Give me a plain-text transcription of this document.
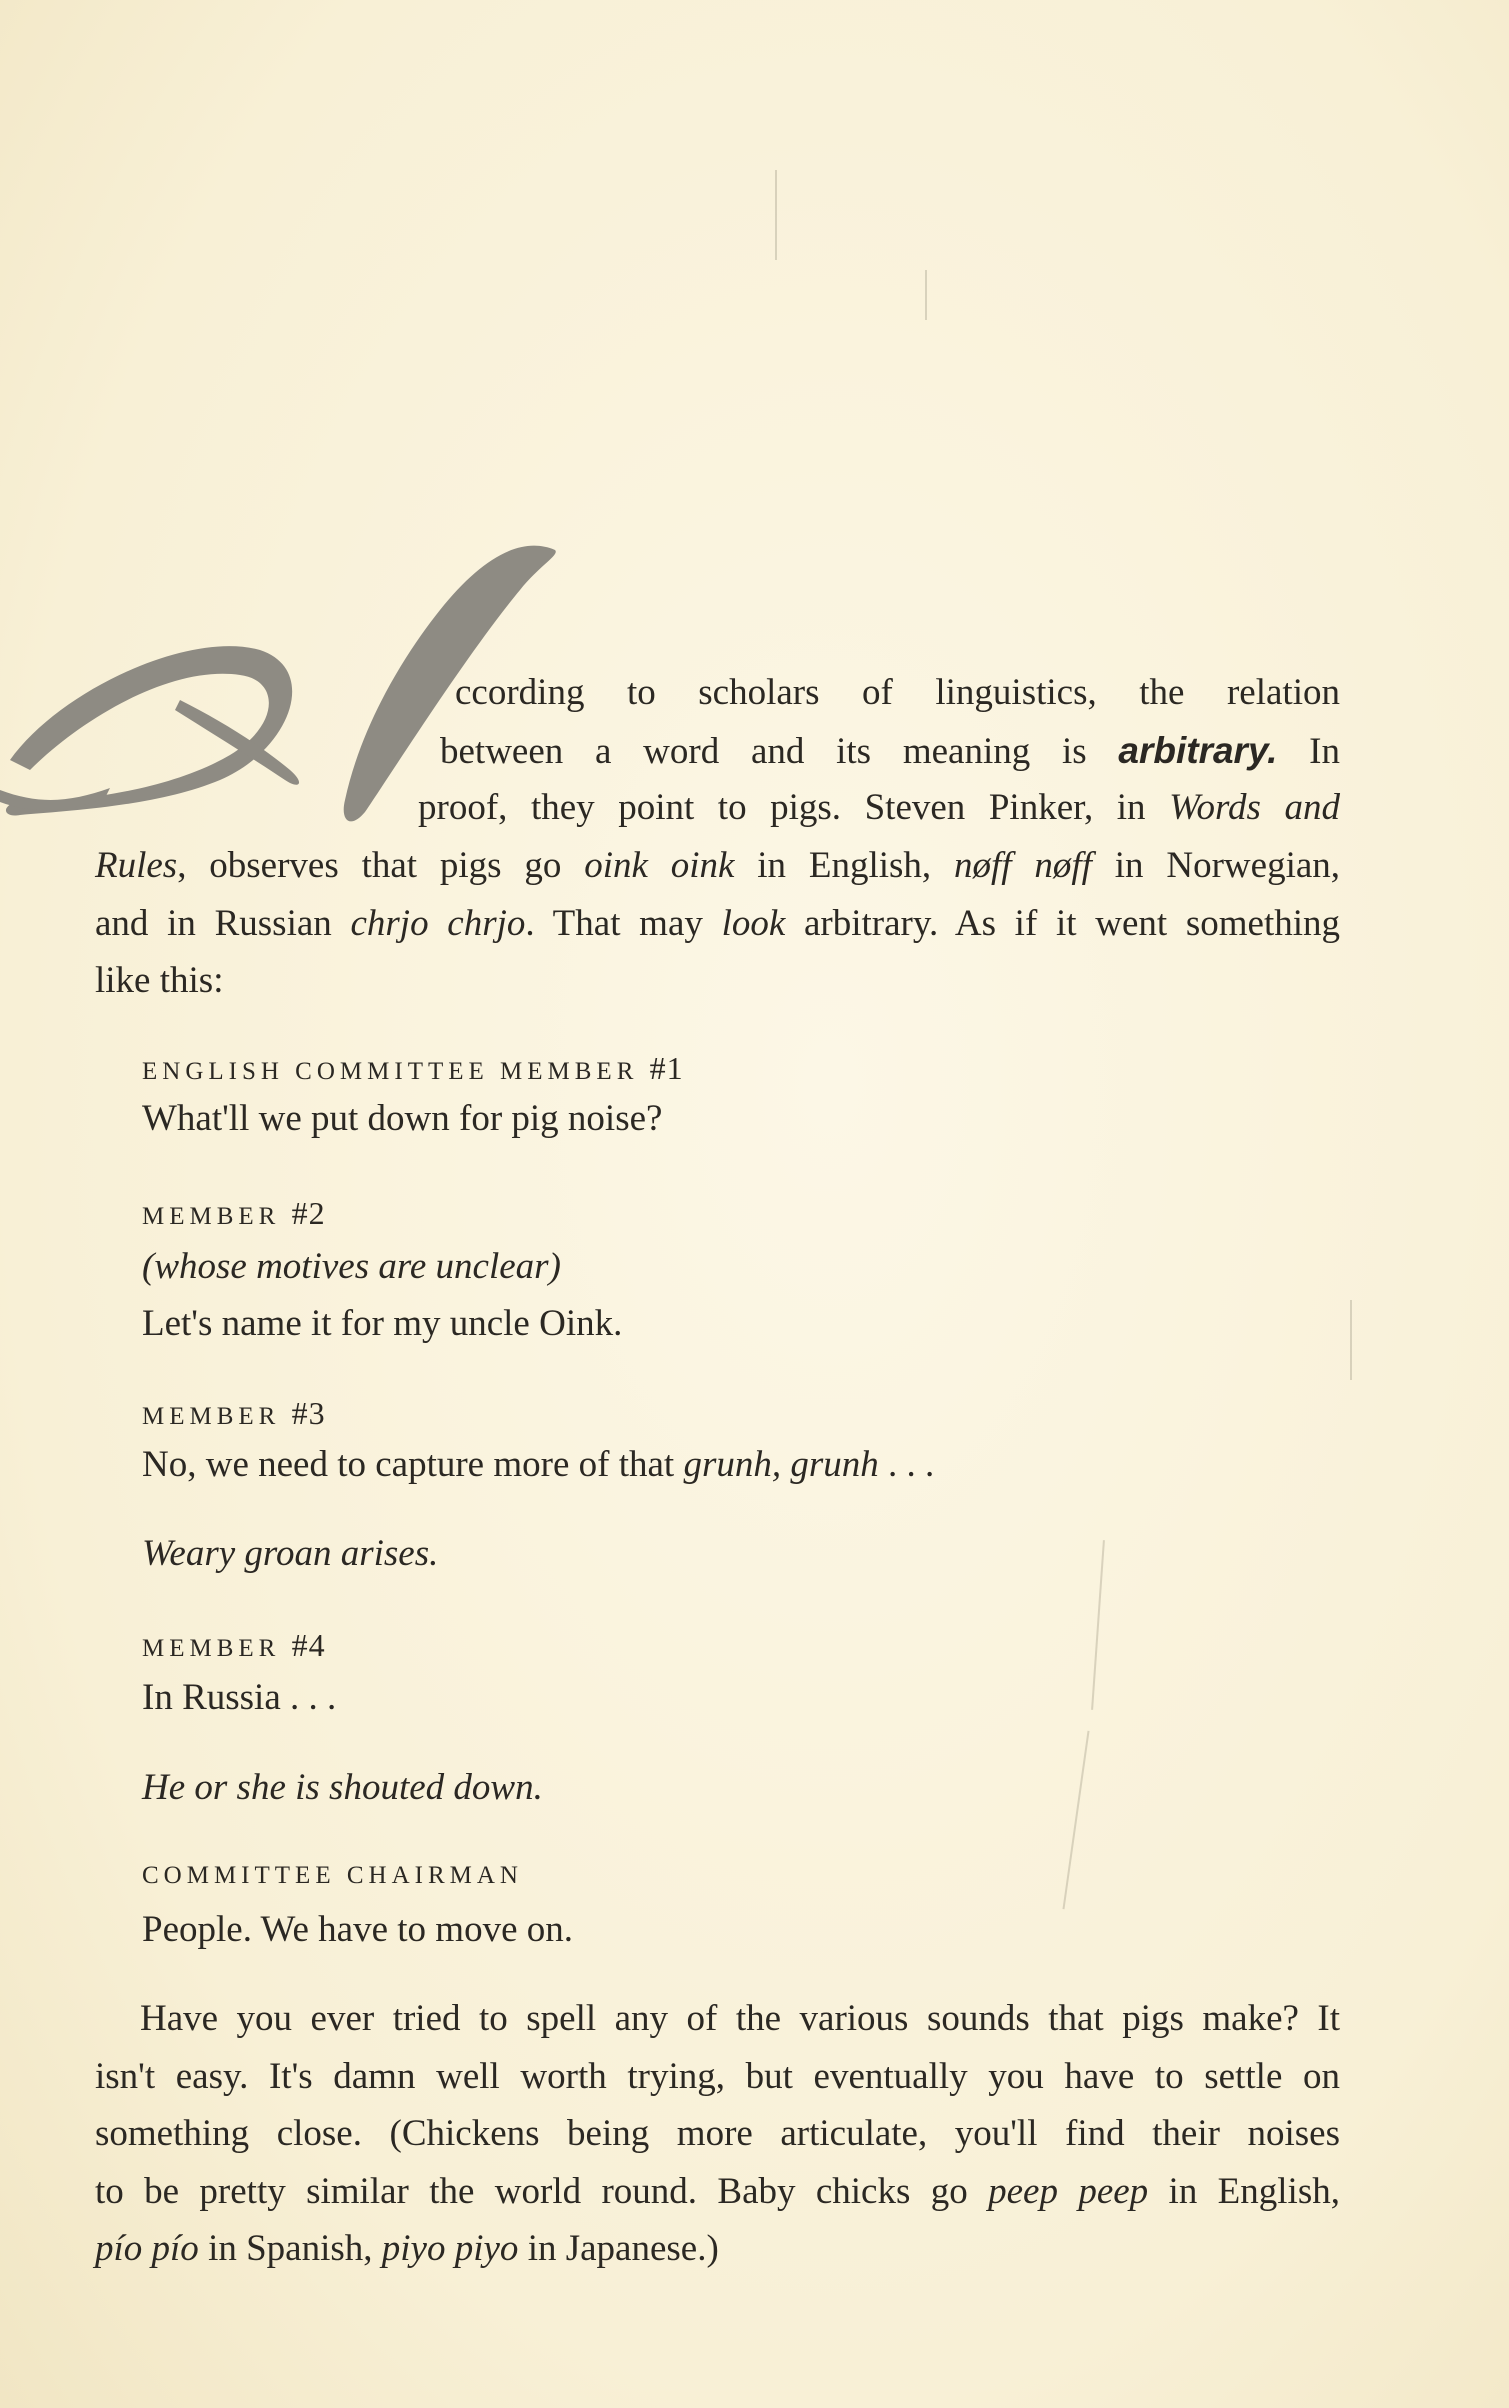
ccording to scholars of linguistics, the relation
between a word and its meaning is arbitrary. In
proof, they point to pigs. Steven Pinker, in Words and
Rules, observes that pigs go oink oink in English, nøff nøff in Norwegian,
and in Russian chrjo chrjo. That may look arbitrary. As if it went something
like this:
ENGLISH COMMITTEE MEMBER #1
What'll we put down for pig noise?
MEMBER #2
(whose motives are unclear)
Let's name it for my uncle Oink.
MEMBER #3
No, we need to capture more of that grunh, grunh . . .
Weary groan arises.
MEMBER #4
In Russia . . .
He or she is shouted down.
COMMITTEE CHAIRMAN
People. We have to move on.
Have you ever tried to spell any of the various sounds that pigs make? It
isn't easy. It's damn well worth trying, but eventually you have to settle on
something close. (Chickens being more articulate, you'll find their noises
to be pretty similar the world round. Baby chicks go peep peep in English,
pío pío in Spanish, piyo piyo in Japanese.)
